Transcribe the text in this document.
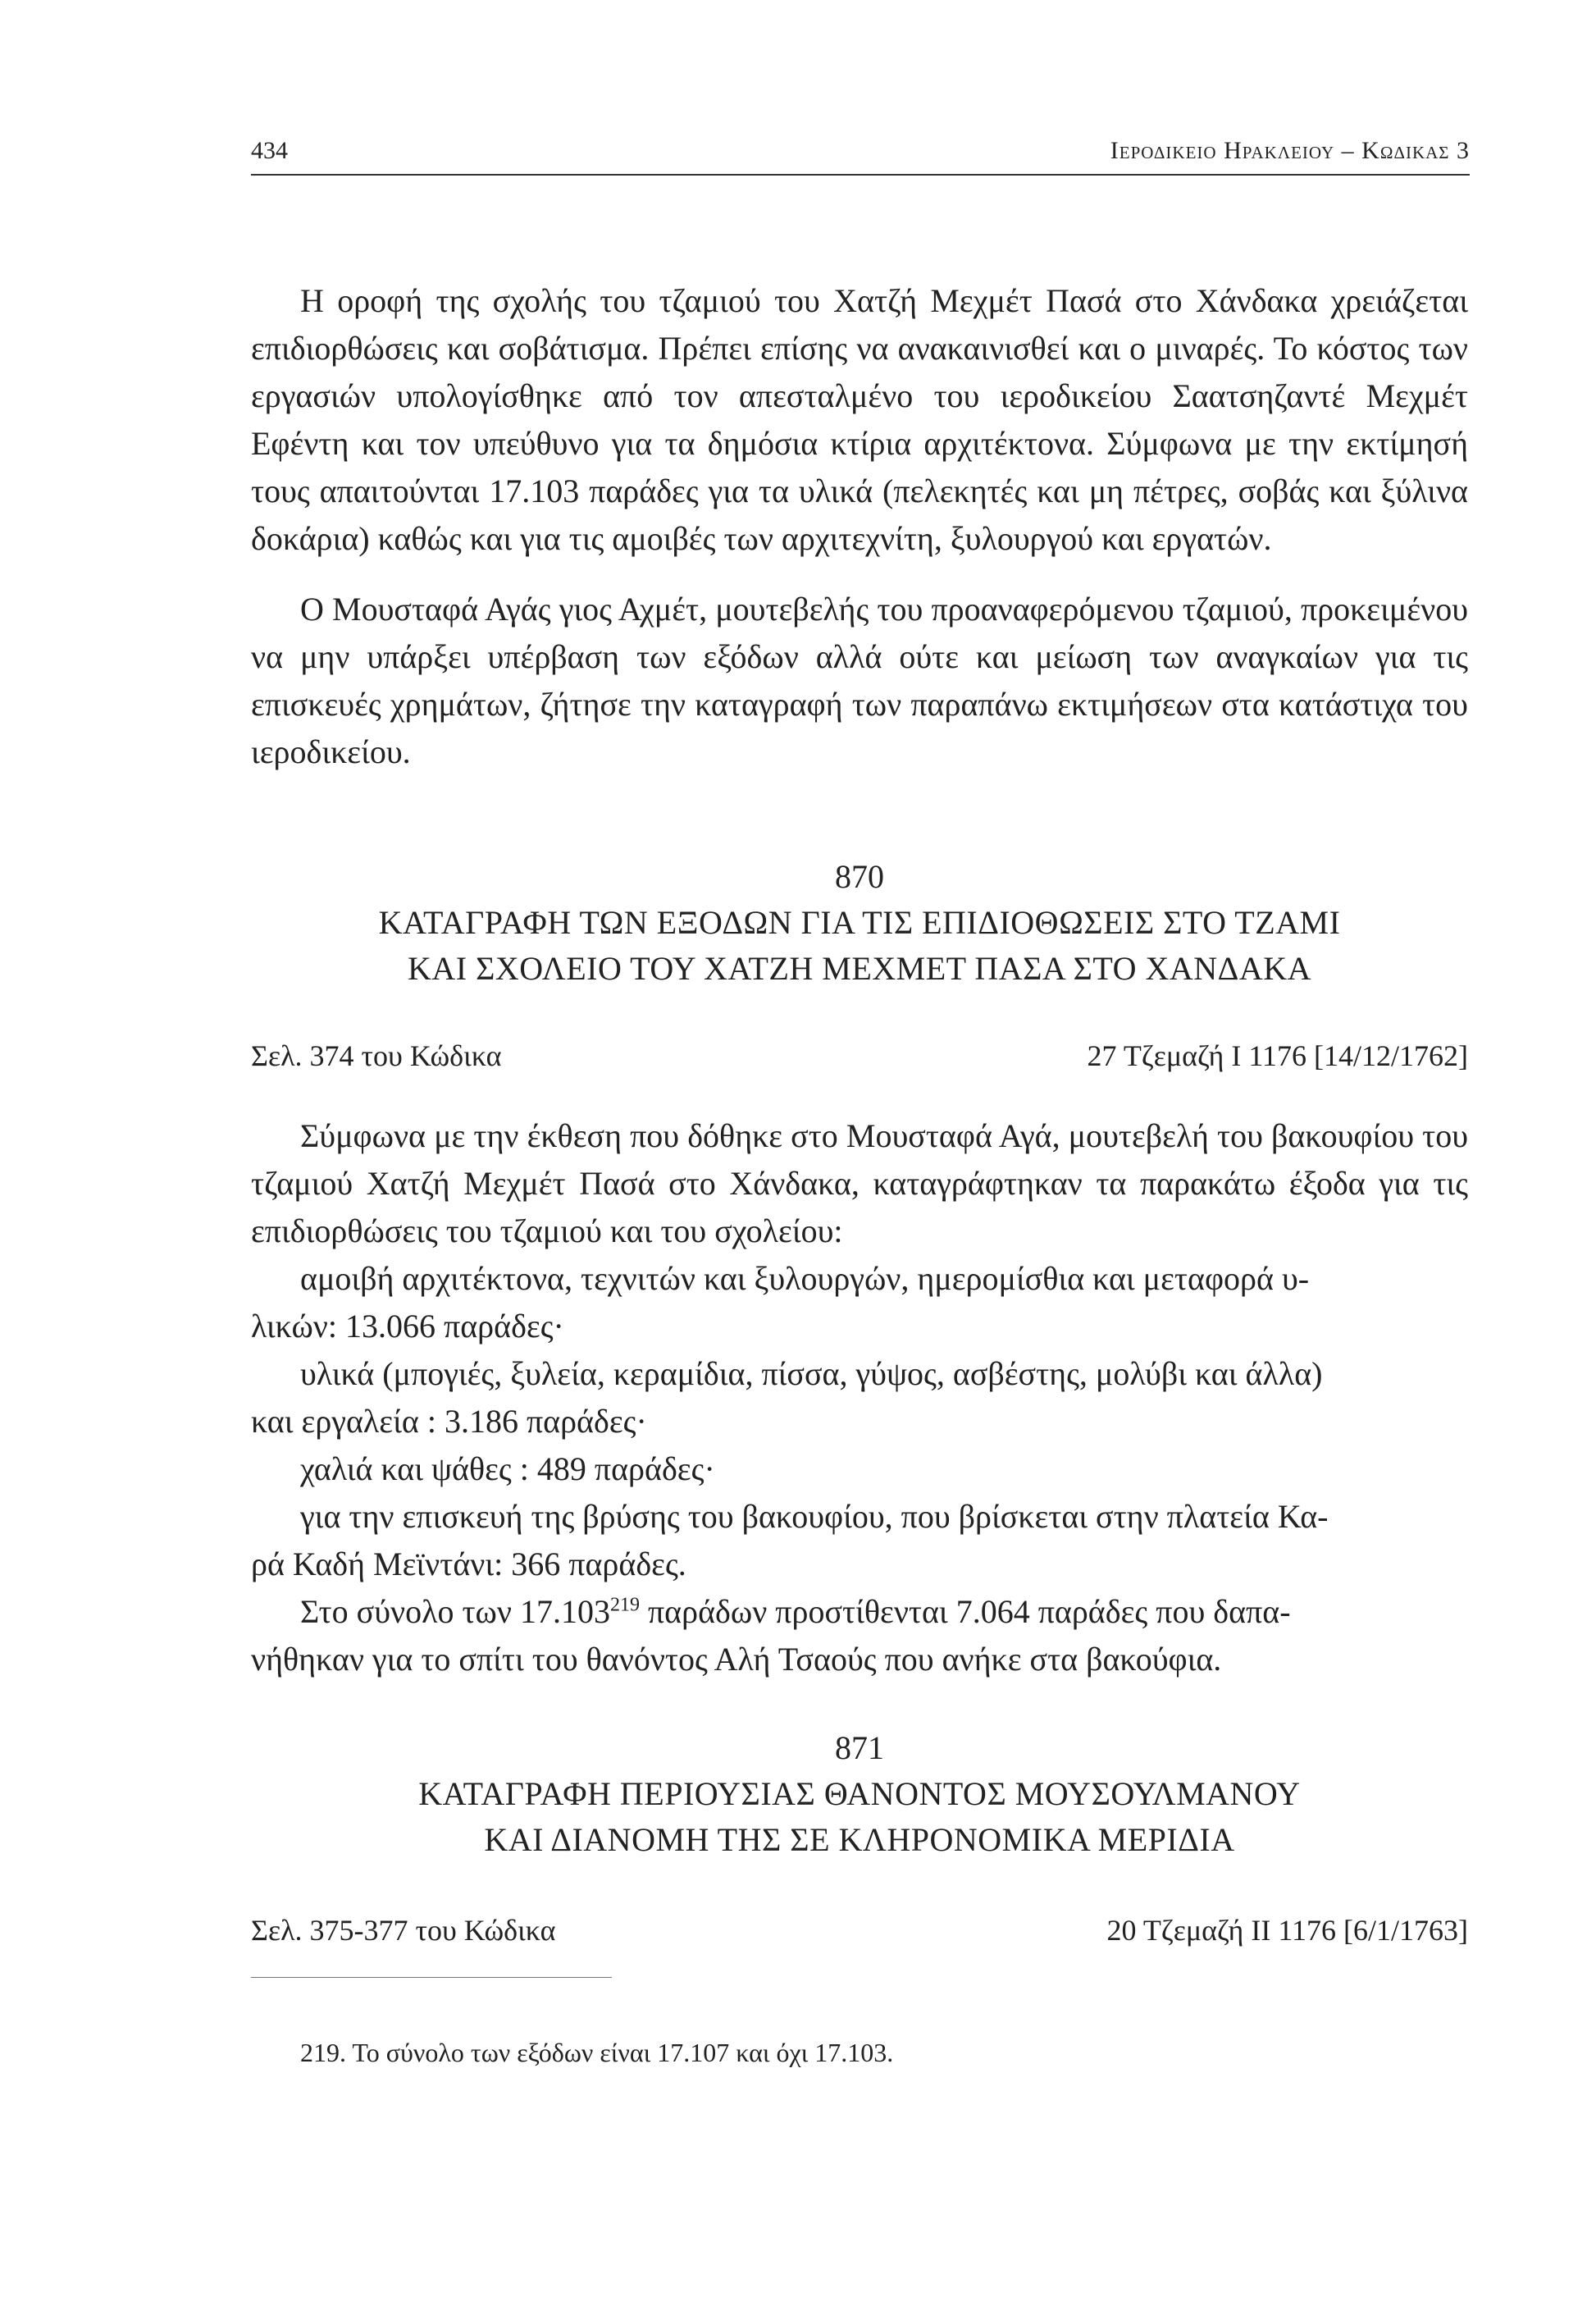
434	Ιεροδικειο Ηρακλειου – Κωδικας 3

Η οροφή της σχολής του τζαμιού του Χατζή Μεχμέτ Πασά στο Χάνδακα χρειάζεται επιδιορθώσεις και σοβάτισμα. Πρέπει επίσης να ανακαινισθεί και ο μιναρές. Το κόστος των εργασιών υπολογίσθηκε από τον απεσταλμένο του ιεροδικείου Σαατσηζαντέ Μεχμέτ Εφέντη και τον υπεύθυνο για τα δημόσια κτίρια αρχιτέκτονα. Σύμφωνα με την εκτίμησή τους απαιτούνται 17.103 παράδες για τα υλικά (πελεκητές και μη πέτρες, σοβάς και ξύλινα δοκάρια) καθώς και για τις αμοιβές των αρχιτεχνίτη, ξυλουργού και εργατών.

Ο Μουσταφά Αγάς γιος Αχμέτ, μουτεβελής του προαναφερόμενου τζαμιού, προκειμένου να μην υπάρξει υπέρβαση των εξόδων αλλά ούτε και μείωση των αναγκαίων για τις επισκευές χρημάτων, ζήτησε την καταγραφή των παραπάνω εκτιμήσεων στα κατάστιχα του ιεροδικείου.

870

ΚΑΤΑΓΡΑΦΗ ΤΩΝ ΕΞΟΔΩΝ ΓΙΑ ΤΙΣ ΕΠΙΔΙΟΘΩΣΕΙΣ ΣΤΟ ΤΖΑΜΙ

ΚΑΙ ΣΧΟΛΕΙΟ ΤΟΥ ΧΑΤΖΗ ΜΕΧΜΕΤ ΠΑΣΑ ΣΤΟ ΧΑΝΔΑΚΑ

Σελ. 374 του Κώδικα	27 Τζεμαζή Ι 1176 [14/12/1762]

Σύμφωνα με την έκθεση που δόθηκε στο Μουσταφά Αγά, μουτεβελή του βακουφίου του τζαμιού Χατζή Μεχμέτ Πασά στο Χάνδακα, καταγράφτηκαν τα παρακάτω έξοδα για τις επιδιορθώσεις του τζαμιού και του σχολείου:

αμοιβή αρχιτέκτονα, τεχνιτών και ξυλουργών, ημερομίσθια και μεταφορά υ-
λικών: 13.066 παράδες·
υλικά (μπογιές, ξυλεία, κεραμίδια, πίσσα, γύψος, ασβέστης, μολύβι και άλλα)
και εργαλεία : 3.186 παράδες·
χαλιά και ψάθες : 489 παράδες·
για την επισκευή της βρύσης του βακουφίου, που βρίσκεται στην πλατεία Κα-
ρά Καδή Μεϊντάνι: 366 παράδες.
Στο σύνολο των 17.103$^{219}$ παράδων προστίθενται 7.064 παράδες που δαπα-
νήθηκαν για το σπίτι του θανόντος Αλή Τσαούς που ανήκε στα βακούφια.

871

ΚΑΤΑΓΡΑΦΗ ΠΕΡΙΟΥΣΙΑΣ ΘΑΝΟΝΤΟΣ ΜΟΥΣΟΥΛΜΑΝΟΥ

ΚΑΙ ΔΙΑΝΟΜΗ ΤΗΣ ΣΕ ΚΛΗΡΟΝΟΜΙΚΑ ΜΕΡΙΔΙΑ

Σελ. 375-377 του Κώδικα	20 Τζεμαζή ΙΙ 1176 [6/1/1763]

219. Το σύνολο των εξόδων είναι 17.107 και όχι 17.103.
